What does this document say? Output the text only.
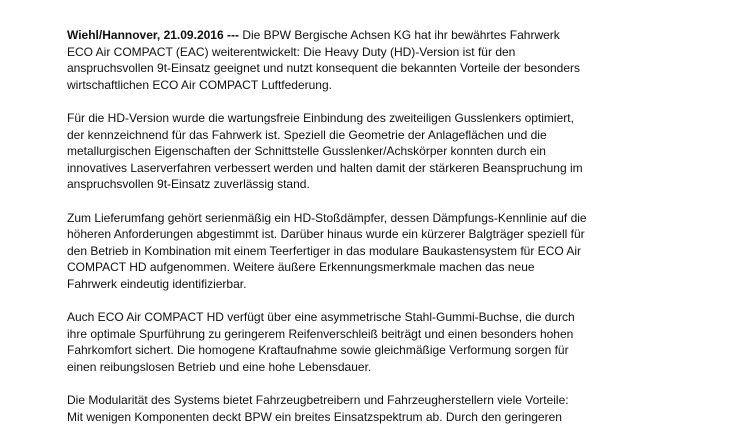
Wiehl/Hannover, 21.09.2016 --- Die BPW Bergische Achsen KG hat ihr bewährtes Fahrwerk
ECO Air COMPACT (EAC) weiterentwickelt: Die Heavy Duty (HD)-Version ist für den
anspruchsvollen 9t-Einsatz geeignet und nutzt konsequent die bekannten Vorteile der besonders
wirtschaftlichen ECO Air COMPACT Luftfederung.

Für die HD-Version wurde die wartungsfreie Einbindung des zweiteiligen Gusslenkers optimiert,
der kennzeichnend für das Fahrwerk ist. Speziell die Geometrie der Anlageflächen und die
metallurgischen Eigenschaften der Schnittstelle Gusslenker/Achskörper konnten durch ein
innovatives Laserverfahren verbessert werden und halten damit der stärkeren Beanspruchung im
anspruchsvollen 9t-Einsatz zuverlässig stand.

Zum Lieferumfang gehört serienmäßig ein HD-Stoßdämpfer, dessen Dämpfungs-Kennlinie auf die
höheren Anforderungen abgestimmt ist. Darüber hinaus wurde ein kürzerer Balgträger speziell für
den Betrieb in Kombination mit einem Teerfertiger in das modulare Baukastensystem für ECO Air
COMPACT HD aufgenommen. Weitere äußere Erkennungsmerkmale machen das neue
Fahrwerk eindeutig identifizierbar.

Auch ECO Air COMPACT HD verfügt über eine asymmetrische Stahl-Gummi-Buchse, die durch
ihre optimale Spurführung zu geringerem Reifenverschleiß beiträgt und einen besonders hohen
Fahrkomfort sichert. Die homogene Kraftaufnahme sowie gleichmäßige Verformung sorgen für
einen reibungslosen Betrieb und eine hohe Lebensdauer.

Die Modularität des Systems bietet Fahrzeugbetreibern und Fahrzeugherstellern viele Vorteile:
Mit wenigen Komponenten deckt BPW ein breites Einsatzspektrum ab. Durch den geringeren
